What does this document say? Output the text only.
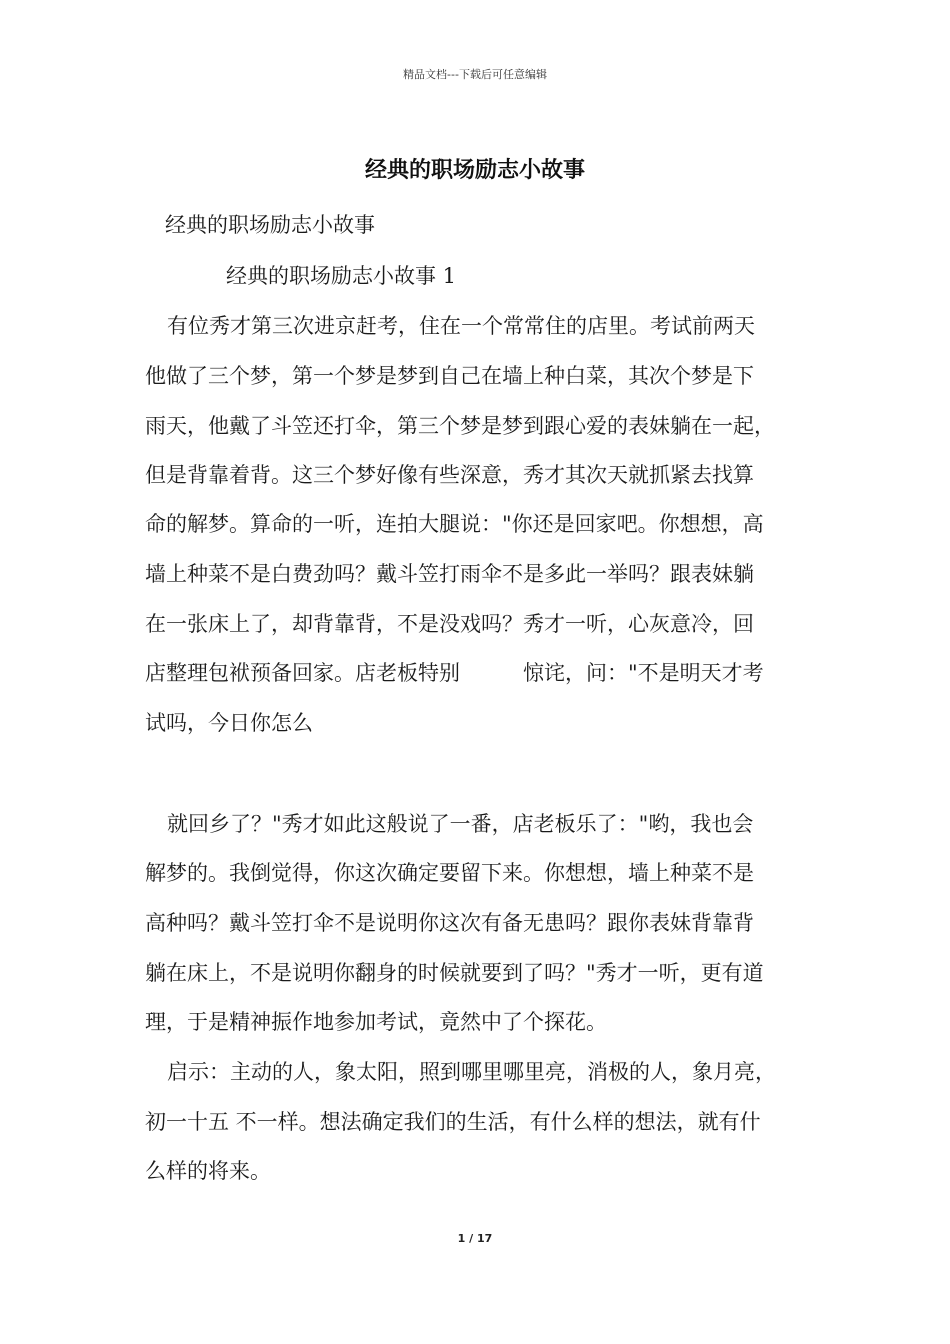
精品文档---下载后可任意编辑
经典的职场励志小故事
经典的职场励志小故事
经典的职场励志小故事 1
有位秀才第三次进京赶考，住在一个常常住的店里。考试前两天
他做了三个梦，第一个梦是梦到自己在墙上种白菜，其次个梦是下
雨天，他戴了斗笠还打伞，第三个梦是梦到跟心爱的表妹躺在一起，
但是背靠着背。这三个梦好像有些深意，秀才其次天就抓紧去找算
命的解梦。算命的一听，连拍大腿说："你还是回家吧。你想想，高
墙上种菜不是白费劲吗？戴斗笠打雨伞不是多此一举吗？跟表妹躺
在一张床上了，却背靠背，不是没戏吗？秀才一听，心灰意冷，回
店整理包袱预备回家。店老板特别　　　惊诧，问："不是明天才考
试吗，今日你怎么
就回乡了？"秀才如此这般说了一番，店老板乐了："哟，我也会
解梦的。我倒觉得，你这次确定要留下来。你想想，墙上种菜不是
高种吗？戴斗笠打伞不是说明你这次有备无患吗？跟你表妹背靠背
躺在床上，不是说明你翻身的时候就要到了吗？"秀才一听，更有道
理，于是精神振作地参加考试，竟然中了个探花。
启示：主动的人，象太阳，照到哪里哪里亮，消极的人，象月亮，
初一十五 不一样。想法确定我们的生活，有什么样的想法，就有什
么样的将来。
1 / 17
